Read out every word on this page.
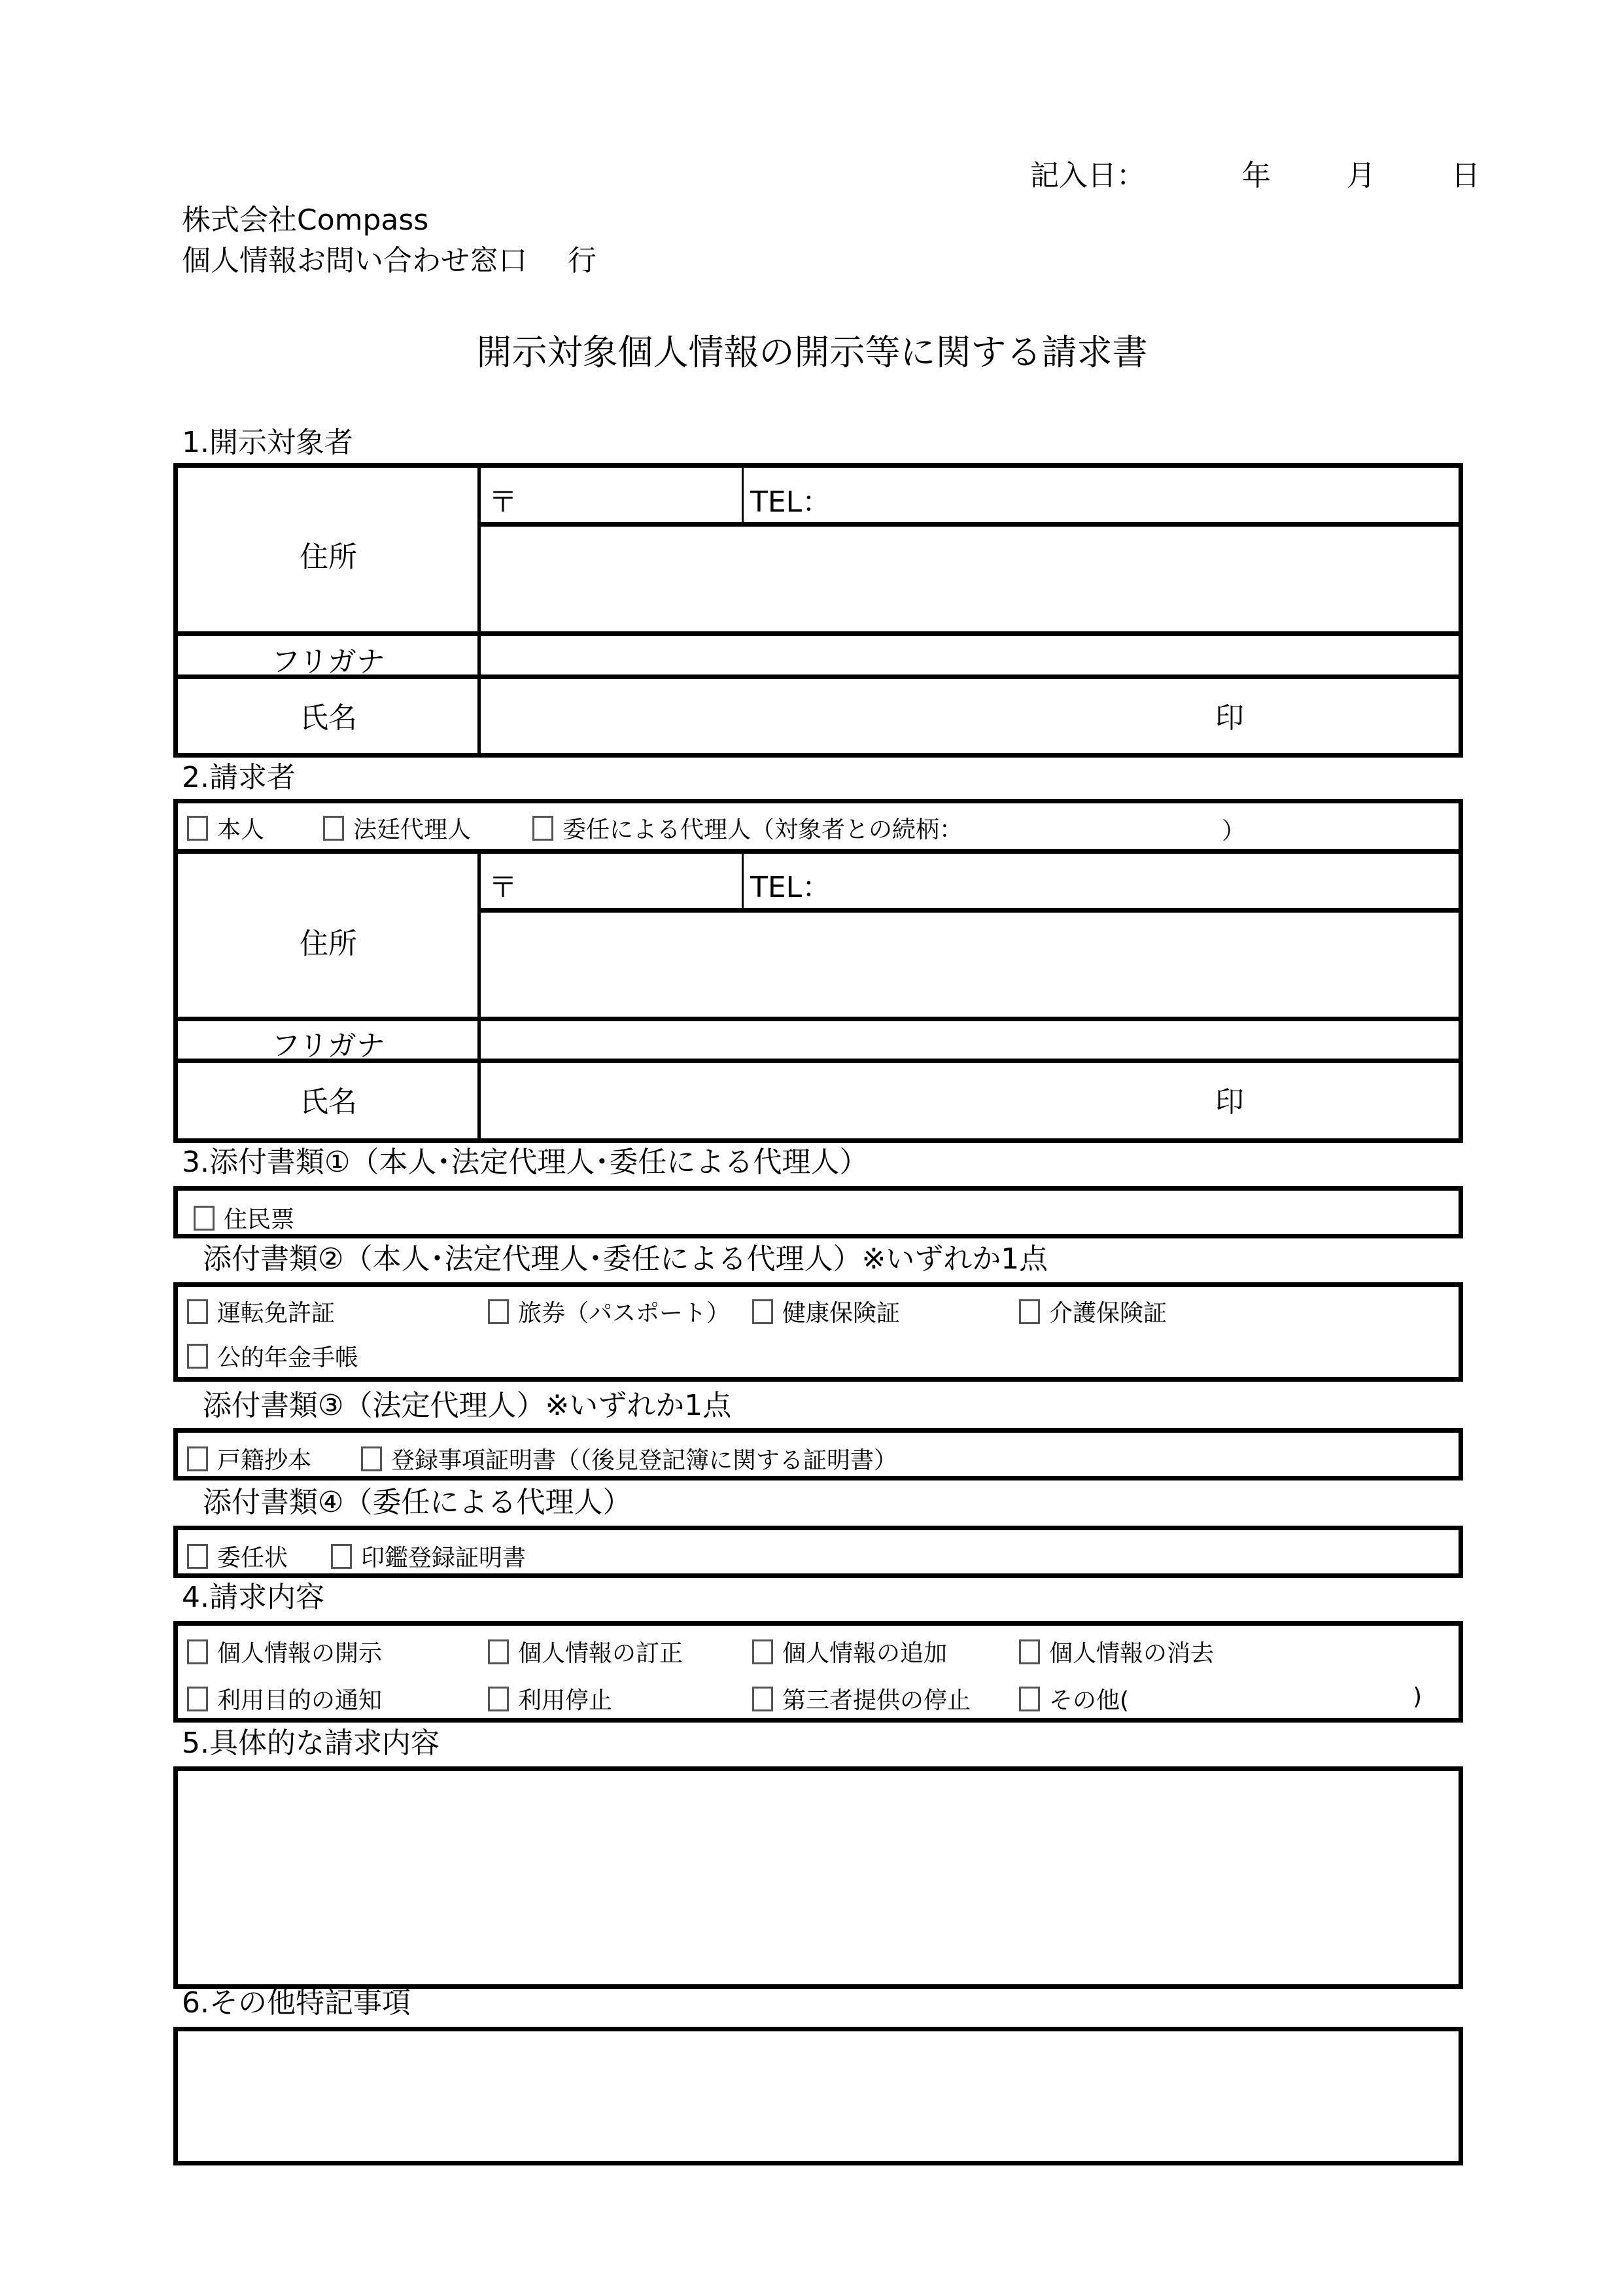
記入日：	年	月	日
株式会社Compass
個人情報お問い合わせ窓口 行
開示対象個人情報の開示等に関する請求書
1.開示対象者
住所
〒	TEL：
フリガナ
氏名	印
2.請求者
本人	法廷代理人	委任による代理人（対象者との続柄：	）
住所
〒	TEL：
フリガナ
氏名	印
3.添付書類①（本人･法定代理人･委任による代理人）
住民票
添付書類②（本人･法定代理人･委任による代理人）※いずれか1点
運転免許証	旅券（パスポート） 健康保険証	介護保険証
公的年金手帳
添付書類③（法定代理人）※いずれか1点
戸籍抄本	登録事項証明書（（後見登記簿に関する証明書）
添付書類④（委任による代理人）
委任状	印鑑登録証明書
4.請求内容
個人情報の開示	個人情報の訂正	個人情報の追加	個人情報の消去
利用目的の通知	利用停止	第三者提供の停止	その他(	)
5.具体的な請求内容
6.その他特記事項
